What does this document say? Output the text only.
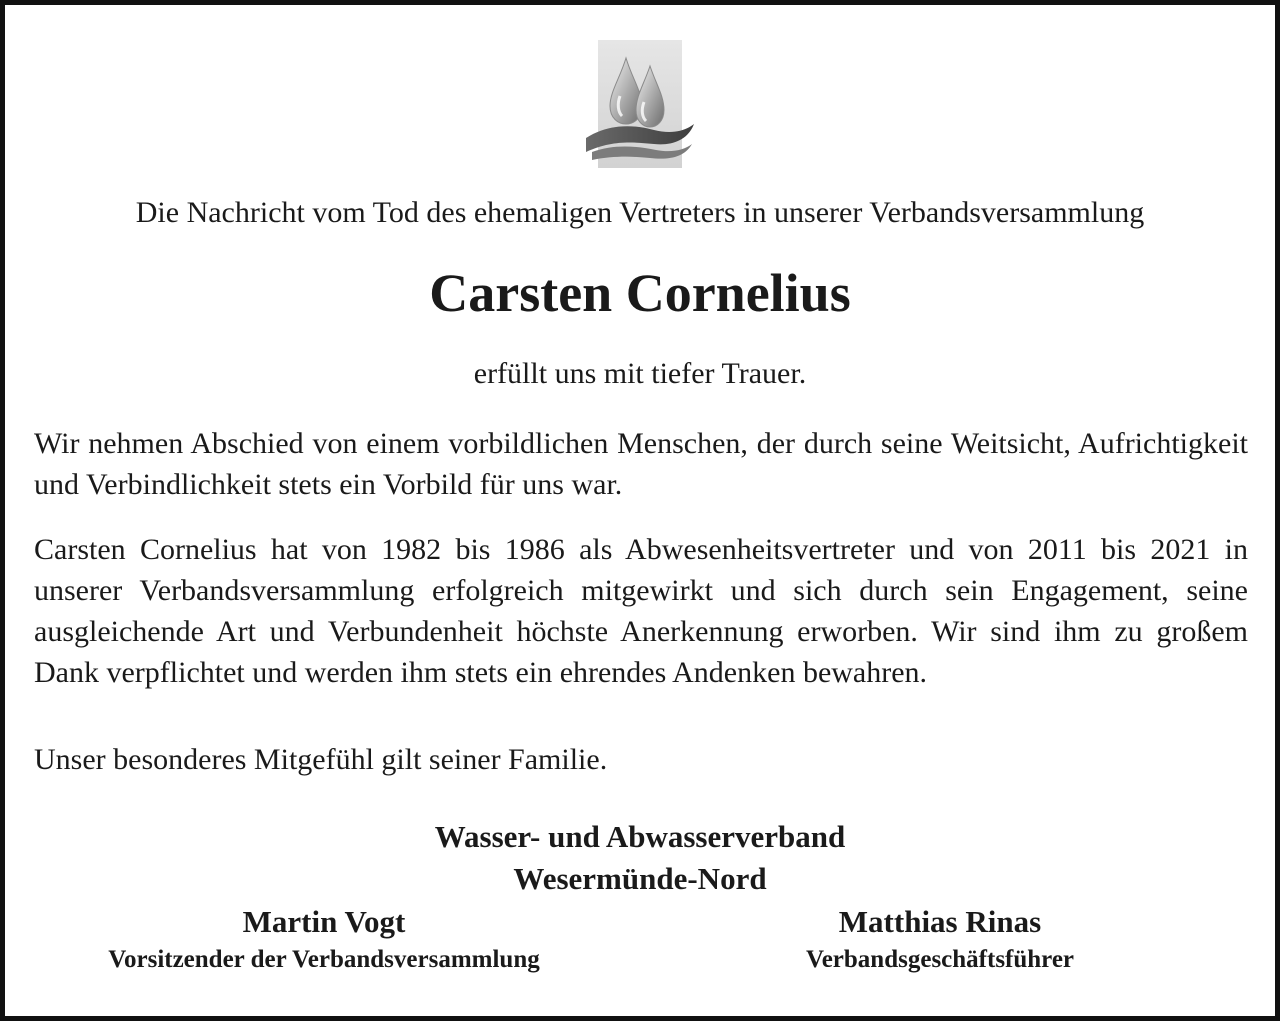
Die Nachricht vom Tod des ehemaligen Vertreters in unserer Verbandsversammlung

Carsten Cornelius

erfüllt uns mit tiefer Trauer.

Wir nehmen Abschied von einem vorbildlichen Menschen, der durch seine Weitsicht, Aufrichtigkeit und Verbindlichkeit stets ein Vorbild für uns war.

Carsten Cornelius hat von 1982 bis 1986 als Abwesenheitsvertreter und von 2011 bis 2021 in unserer Verbandsversammlung erfolgreich mitgewirkt und sich durch sein Engagement, seine ausgleichende Art und Verbundenheit höchste Anerkennung erworben. Wir sind ihm zu großem Dank verpflichtet und werden ihm stets ein ehrendes Andenken bewahren.

Unser besonderes Mitgefühl gilt seiner Familie.

Wasser- und Abwasserverband

Wesermünde-Nord

Martin Vogt

Vorsitzender der Verbandsversammlung

Matthias Rinas

Verbandsgeschäftsführer
